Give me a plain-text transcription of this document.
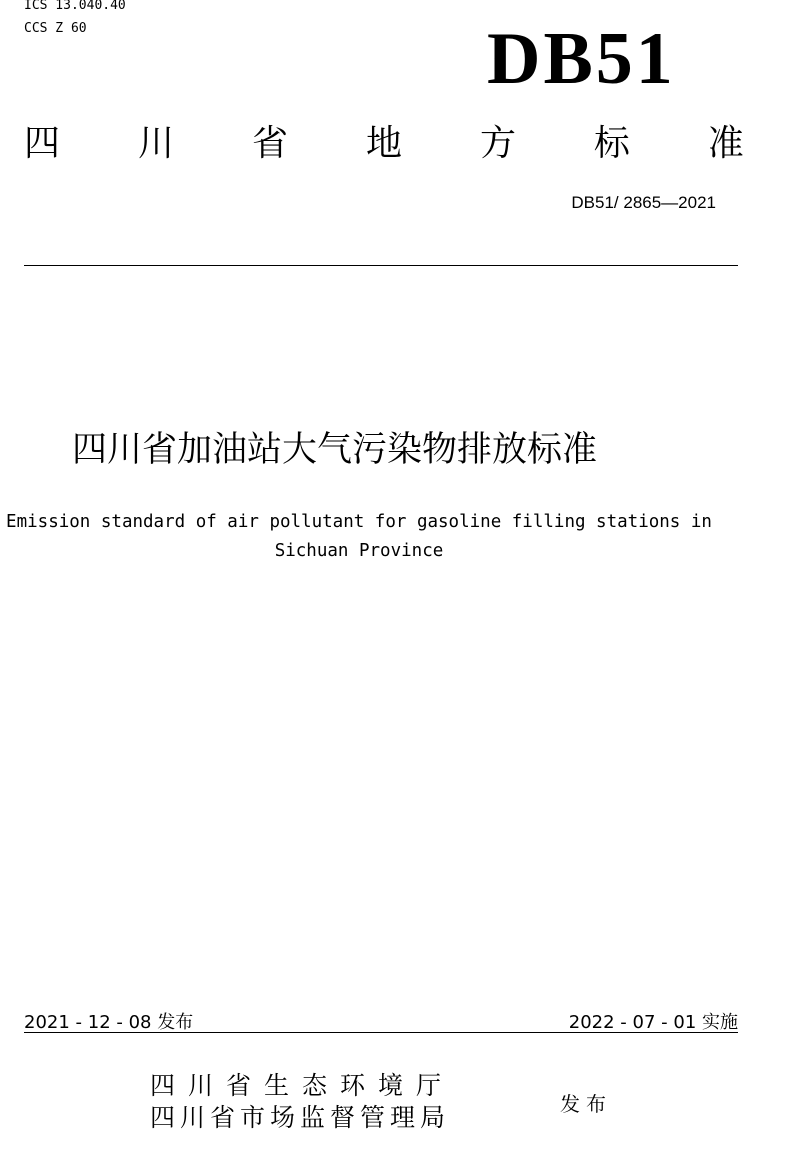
ICS 13.040.40
CCS Z 60	DB51
四 川 省 地 方 标 准
DB51/ 2865—2021
四川省加油站大气污染物排放标准
Emission standard of air pollutant for gasoline filling stations in Sichuan Province
2021 - 12 - 08 发布	2022 - 07 - 01 实施
四川省生态环境厅
四川省市场监督管理局	发布
